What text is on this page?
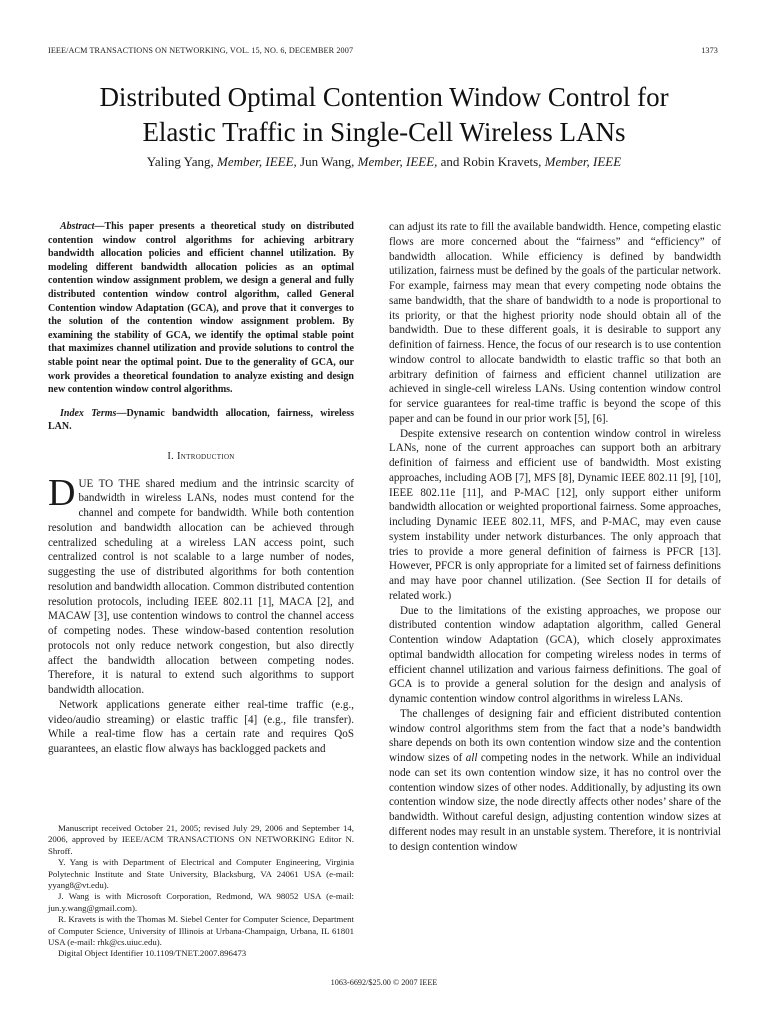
IEEE/ACM TRANSACTIONS ON NETWORKING, VOL. 15, NO. 6, DECEMBER 2007	1373
Distributed Optimal Contention Window Control for
Elastic Traffic in Single-Cell Wireless LANs
Yaling Yang, Member, IEEE, Jun Wang, Member, IEEE, and Robin Kravets, Member, IEEE

Abstract—This paper presents a theoretical study on distributed contention window control algorithms for achieving arbitrary bandwidth allocation policies and efficient channel utilization. By modeling different bandwidth allocation policies as an optimal contention window assignment problem, we design a general and fully distributed contention window control algorithm, called General Contention window Adaptation (GCA), and prove that it converges to the solution of the contention window assignment problem. By examining the stability of GCA, we identify the optimal stable point that maximizes channel utilization and provide solutions to control the stable point near the optimal point. Due to the generality of GCA, our work provides a theoretical foundation to analyze existing and design new contention window control algorithms.

Index Terms—Dynamic bandwidth allocation, fairness, wireless LAN.

I. Introduction

DUE TO THE shared medium and the intrinsic scarcity of bandwidth in wireless LANs, nodes must contend for the channel and compete for bandwidth. While both contention resolution and bandwidth allocation can be achieved through centralized scheduling at a wireless LAN access point, such centralized control is not scalable to a large number of nodes, suggesting the use of distributed algorithms for both contention resolution and bandwidth allocation. Common distributed contention resolution protocols, including IEEE 802.11 [1], MACA [2], and MACAW [3], use contention windows to control the channel access of competing nodes. These window-based contention resolution protocols not only reduce network congestion, but also directly affect the bandwidth allocation between competing nodes. Therefore, it is natural to extend such algorithms to support bandwidth allocation.

Network applications generate either real-time traffic (e.g., video/audio streaming) or elastic traffic [4] (e.g., file transfer). While a real-time flow has a certain rate and requires QoS guarantees, an elastic flow always has backlogged packets and

Manuscript received October 21, 2005; revised July 29, 2006 and September 14, 2006, approved by IEEE/ACM TRANSACTIONS ON NETWORKING Editor N. Shroff.

Y. Yang is with Department of Electrical and Computer Engineering, Virginia Polytechnic Institute and State University, Blacksburg, VA 24061 USA (e-mail: yyang8@vt.edu).

J. Wang is with Microsoft Corporation, Redmond, WA 98052 USA (e-mail: jun.y.wang@gmail.com).

R. Kravets is with the Thomas M. Siebel Center for Computer Science, Department of Computer Science, University of Illinois at Urbana-Champaign, Urbana, IL 61801 USA (e-mail: rhk@cs.uiuc.edu).

Digital Object Identifier 10.1109/TNET.2007.896473

can adjust its rate to fill the available bandwidth. Hence, competing elastic flows are more concerned about the “fairness” and “efficiency” of bandwidth allocation. While efficiency is defined by bandwidth utilization, fairness must be defined by the goals of the particular network. For example, fairness may mean that every competing node obtains the same bandwidth, that the share of bandwidth to a node is proportional to its priority, or that the highest priority node should obtain all of the bandwidth. Due to these different goals, it is desirable to support any definition of fairness. Hence, the focus of our research is to use contention window control to allocate bandwidth to elastic traffic so that both an arbitrary definition of fairness and efficient channel utilization are achieved in single-cell wireless LANs. Using contention window control for service guarantees for real-time traffic is beyond the scope of this paper and can be found in our prior work [5], [6].

Despite extensive research on contention window control in wireless LANs, none of the current approaches can support both an arbitrary definition of fairness and efficient use of bandwidth. Most existing approaches, including AOB [7], MFS [8], Dynamic IEEE 802.11 [9], [10], IEEE 802.11e [11], and P-MAC [12], only support either uniform bandwidth allocation or weighted proportional fairness. Some approaches, including Dynamic IEEE 802.11, MFS, and P-MAC, may even cause system instability under network disturbances. The only approach that tries to provide a more general definition of fairness is PFCR [13]. However, PFCR is only appropriate for a limited set of fairness definitions and may have poor channel utilization. (See Section II for details of related work.)

Due to the limitations of the existing approaches, we propose our distributed contention window adaptation algorithm, called General Contention window Adaptation (GCA), which closely approximates optimal bandwidth allocation for competing wireless nodes in terms of efficient channel utilization and various fairness definitions. The goal of GCA is to provide a general solution for the design and analysis of dynamic contention window control algorithms in wireless LANs.

The challenges of designing fair and efficient distributed contention window control algorithms stem from the fact that a node’s bandwidth share depends on both its own contention window size and the contention window sizes of all competing nodes in the network. While an individual node can set its own contention window size, it has no control over the contention window sizes of other nodes. Additionally, by adjusting its own contention window size, the node directly affects other nodes’ share of the bandwidth. Without careful design, adjusting contention window sizes at different nodes may result in an unstable system. Therefore, it is nontrivial to design contention window

1063-6692/$25.00 © 2007 IEEE
